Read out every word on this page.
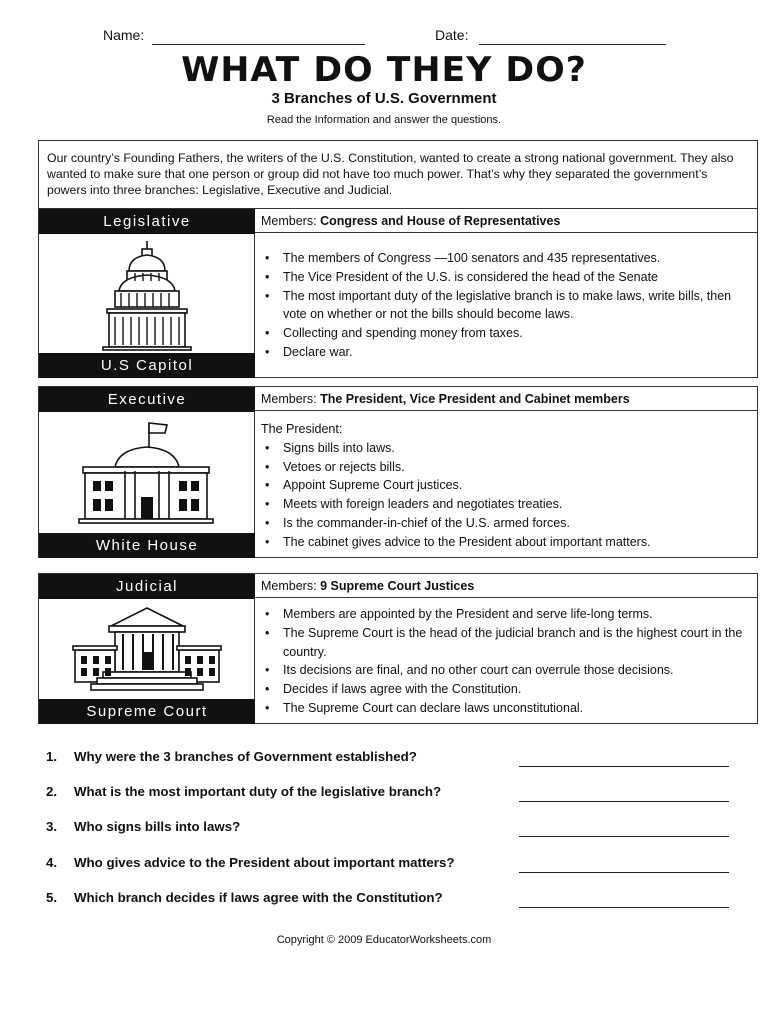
Name:	Date:
WHAT DO THEY DO?
3 Branches of U.S. Government
Read the Information and answer the questions.
Our country’s Founding Fathers, the writers of the U.S. Constitution, wanted to create a strong national government. They also wanted to make sure that one person or group did not have too much power. That’s why they separated the government’s powers into three branches: Legislative, Executive and Judicial.
Legislative	Members: Congress and House of Representatives
U.S Capitol
• The members of Congress —100 senators and 435 representatives.
• The Vice President of the U.S. is considered the head of the Senate
• The most important duty of the legislative branch is to make laws, write bills, then vote on whether or not the bills should become laws.
• Collecting and spending money from taxes.
• Declare war.
Executive	Members: The President, Vice President and Cabinet members
White House
The President:
• Signs bills into laws.
• Vetoes or rejects bills.
• Appoint Supreme Court justices.
• Meets with foreign leaders and negotiates treaties.
• Is the commander-in-chief of the U.S. armed forces.
• The cabinet gives advice to the President about important matters.
Judicial	Members: 9 Supreme Court Justices
Supreme Court
• Members are appointed by the President and serve life-long terms.
• The Supreme Court is the head of the judicial branch and is the highest court in the country.
• Its decisions are final, and no other court can overrule those decisions.
• Decides if laws agree with the Constitution.
• The Supreme Court can declare laws unconstitutional.
1. Why were the 3 branches of Government established?
2. What is the most important duty of the legislative branch?
3. Who signs bills into laws?
4. Who gives advice to the President about important matters?
5. Which branch decides if laws agree with the Constitution?
Copyright © 2009 EducatorWorksheets.com
